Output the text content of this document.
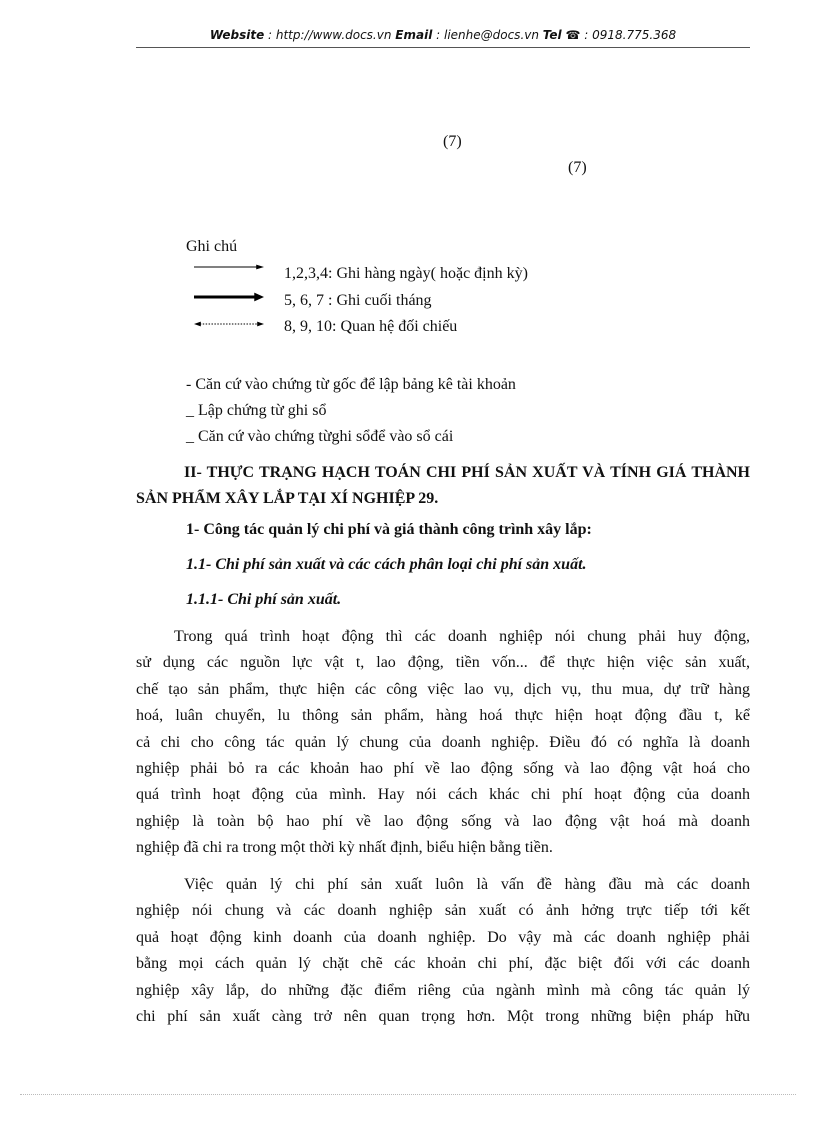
Website : http://www.docs.vn Email : lienhe@docs.vn Tel ☎ : 0918.775.368
(7)
(7)
Ghi chú
1,2,3,4: Ghi hàng ngày( hoặc định kỳ)
5, 6, 7 : Ghi cuối tháng
8, 9, 10: Quan hệ đối chiếu
- Căn cứ vào chứng từ gốc để lập bảng kê tài khoản
_ Lập chứng từ ghi sổ
_ Căn cứ vào chứng từghi sổđể vào sổ cái
II- THỰC TRẠNG HẠCH TOÁN CHI PHÍ SẢN XUẤT VÀ TÍNH GIÁ THÀNH SẢN PHẨM XÂY LẮP TẠI XÍ NGHIỆP 29.
1- Công tác quản lý chi phí và giá thành công trình xây lắp:
1.1- Chi phí sản xuất và các cách phân loại chi phí sản xuất.
1.1.1- Chi phí sản xuất.
Trong quá trình hoạt động thì các doanh nghiệp nói chung phải huy động,
sử dụng các nguồn lực vật t, lao động, tiền vốn... để thực hiện việc sản xuất,
chế tạo sản phẩm, thực hiện các công việc lao vụ, dịch vụ, thu mua, dự trữ hàng
hoá, luân chuyển, lu thông sản phẩm, hàng hoá thực hiện hoạt động đầu t, kể
cả chi cho công tác quản lý chung của doanh nghiệp. Điều đó có nghĩa là doanh
nghiệp phải bỏ ra các khoản hao phí về lao động sống và lao động vật hoá cho
quá trình hoạt động của mình. Hay nói cách khác chi phí hoạt động của doanh
nghiệp là toàn bộ hao phí về lao động sống và lao động vật hoá mà doanh
nghiệp đã chi ra trong một thời kỳ nhất định, biểu hiện bằng tiền.
Việc quản lý chi phí sản xuất luôn là vấn đề hàng đầu mà các doanh
nghiệp nói chung và các doanh nghiệp sản xuất có ảnh hởng trực tiếp tới kết
quả hoạt động kinh doanh của doanh nghiệp. Do vậy mà các doanh nghiệp phải
bằng mọi cách quản lý chặt chẽ các khoản chi phí, đặc biệt đối với các doanh
nghiệp xây lắp, do những đặc điểm riêng của ngành mình mà công tác quản lý
chi phí sản xuất càng trở nên quan trọng hơn. Một trong những biện pháp hữu
